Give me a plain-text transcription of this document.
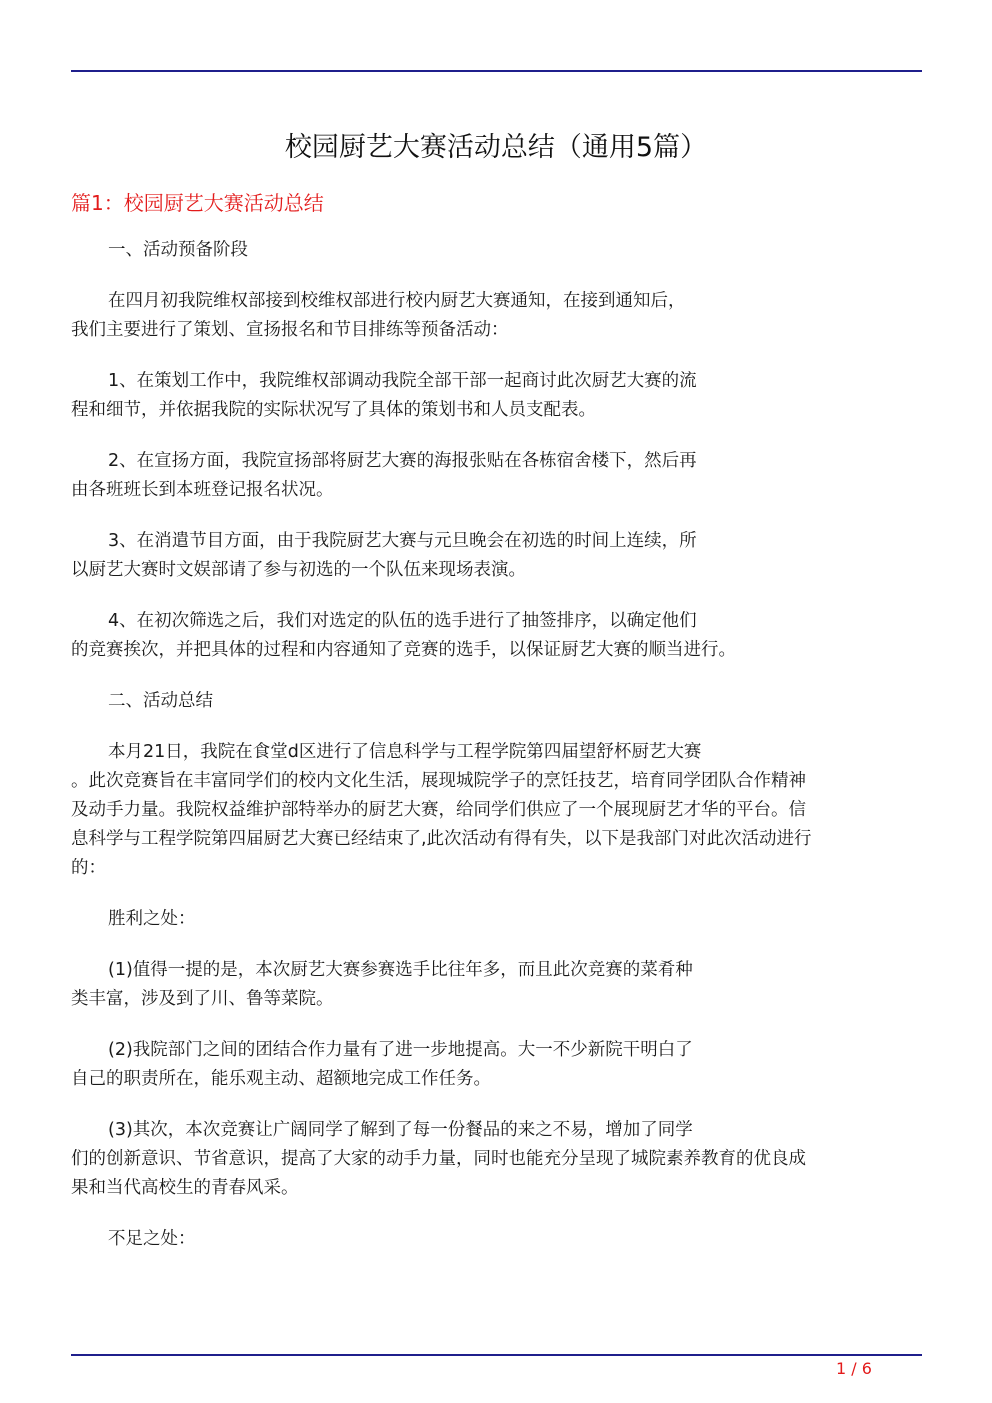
校园厨艺大赛活动总结（通用5篇）
篇1：校园厨艺大赛活动总结
一、活动预备阶段
在四月初我院维权部接到校维权部进行校内厨艺大赛通知，在接到通知后，
我们主要进行了策划、宣扬报名和节目排练等预备活动：
1、在策划工作中，我院维权部调动我院全部干部一起商讨此次厨艺大赛的流
程和细节，并依据我院的实际状况写了具体的策划书和人员支配表。
2、在宣扬方面，我院宣扬部将厨艺大赛的海报张贴在各栋宿舍楼下，然后再
由各班班长到本班登记报名状况。
3、在消遣节目方面，由于我院厨艺大赛与元旦晚会在初选的时间上连续，所
以厨艺大赛时文娱部请了参与初选的一个队伍来现场表演。
4、在初次筛选之后，我们对选定的队伍的选手进行了抽签排序，以确定他们
的竞赛挨次，并把具体的过程和内容通知了竞赛的选手，以保证厨艺大赛的顺当进行。
二、活动总结
本月21日，我院在食堂d区进行了信息科学与工程学院第四届望舒杯厨艺大赛
。此次竞赛旨在丰富同学们的校内文化生活，展现城院学子的烹饪技艺，培育同学团队合作精神
及动手力量。我院权益维护部特举办的厨艺大赛，给同学们供应了一个展现厨艺才华的平台。信
息科学与工程学院第四届厨艺大赛已经结束了,此次活动有得有失，以下是我部门对此次活动进行
的：
胜利之处：
(1)值得一提的是，本次厨艺大赛参赛选手比往年多，而且此次竞赛的菜肴种
类丰富，涉及到了川、鲁等菜院。
(2)我院部门之间的团结合作力量有了进一步地提高。大一不少新院干明白了
自己的职责所在，能乐观主动、超额地完成工作任务。
(3)其次，本次竞赛让广阔同学了解到了每一份餐品的来之不易，增加了同学
们的创新意识、节省意识，提高了大家的动手力量，同时也能充分呈现了城院素养教育的优良成
果和当代高校生的青春风采。
不足之处：
1 / 6
